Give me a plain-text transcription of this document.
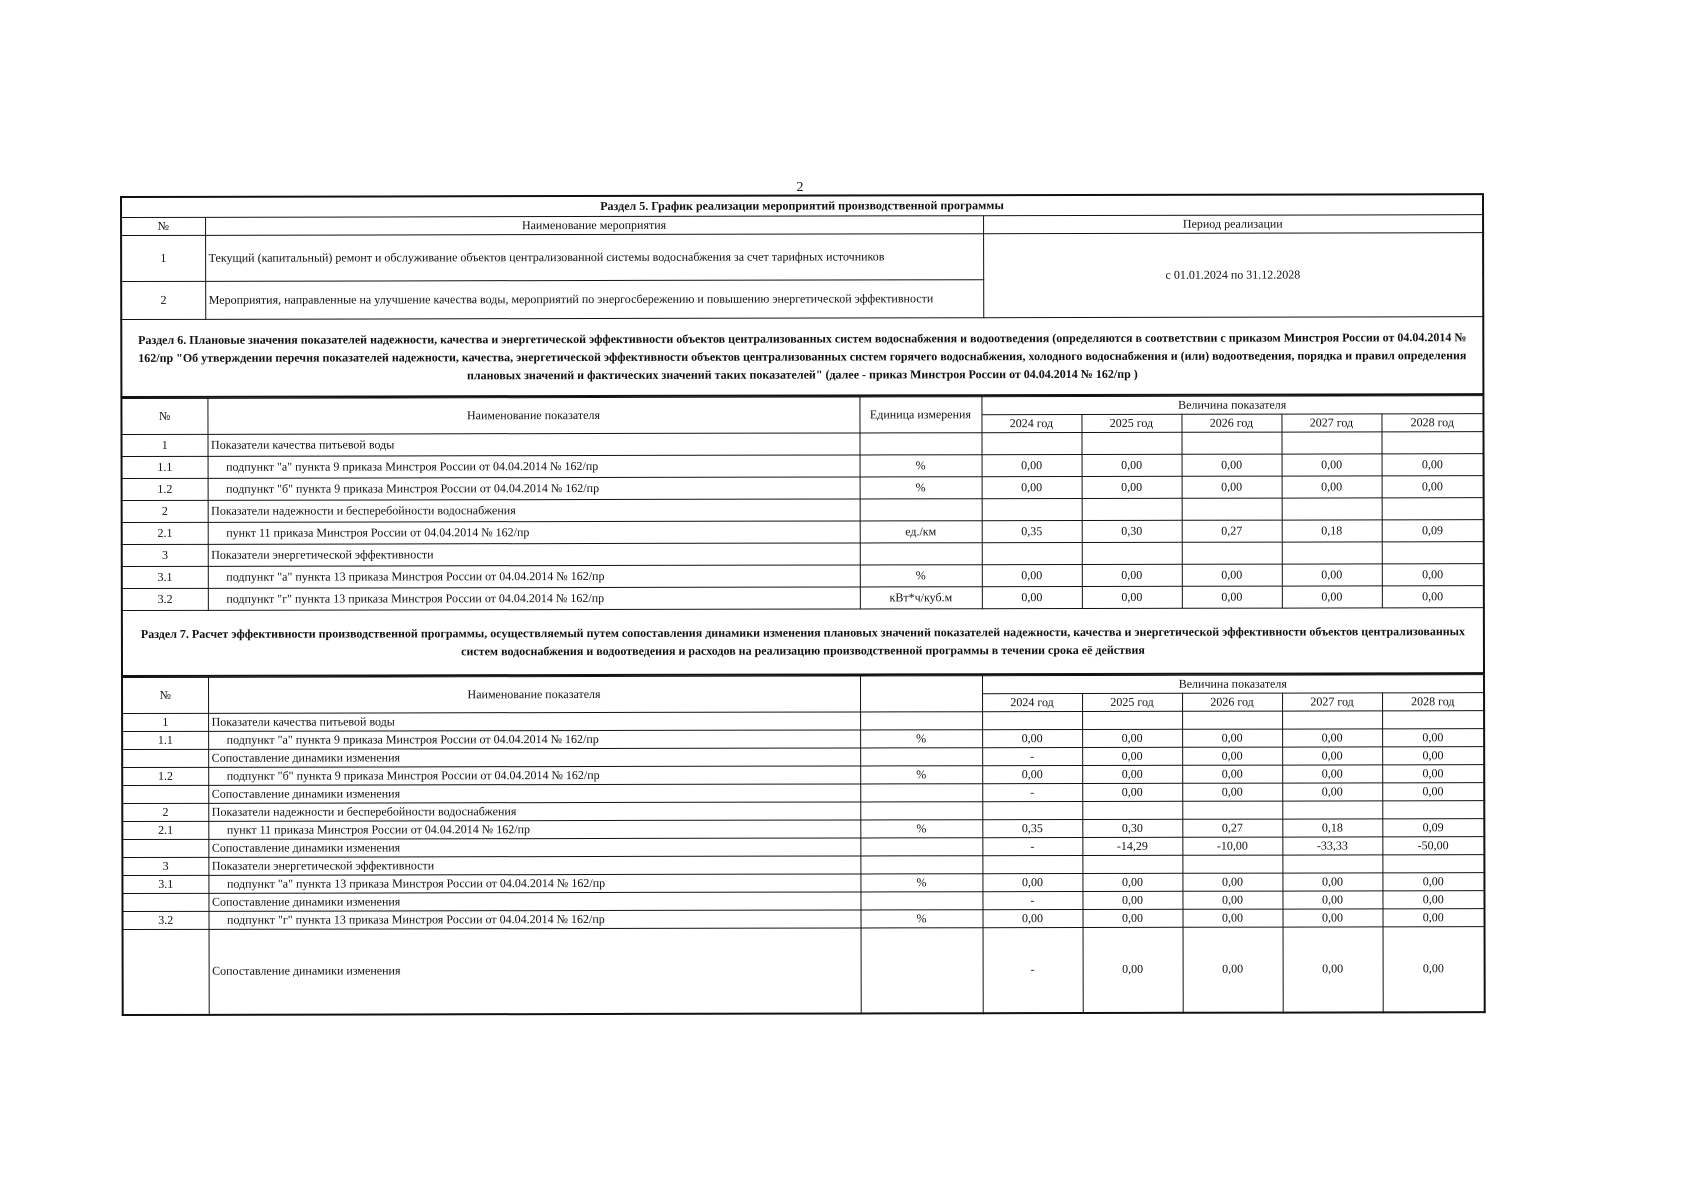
2
Раздел 5. График реализации мероприятий производственной программы		
№	Наименование мероприятия	Период реализации
1	Текущий (капитальный) ремонт и обслуживание объектов централизованной системы водоснабжения за счет тарифных источников	с 01.01.2024 по 31.12.2028
2	Мероприятия, направленные на улучшение качества воды, мероприятий по энергосбережению и повышению энергетической эффективности	
Раздел 6. Плановые значения показателей надежности, качества и энергетической эффективности объектов централизованных систем водоснабжения и водоотведения (определяются в соответствии с приказом Минстроя России от 04.04.2014 № 162/пр "Об утверждении перечня показателей надежности, качества, энергетической эффективности объектов централизованных систем горячего водоснабжения, холодного водоснабжения и (или) водоотведения, порядка и правил определения плановых значений и фактических значений таких показателей" (далее - приказ Минстроя России от 04.04.2014 № 162/пр )		
№	Наименование показателя	Единица измерения	Величина показателя				
			2024 год	2025 год	2026 год	2027 год	2028 год
1	Показатели качества питьевой воды						
1.1	подпункт "а" пункта 9 приказа Минстроя России от 04.04.2014 № 162/пр	%	0,00	0,00	0,00	0,00	0,00
1.2	подпункт "б" пункта 9 приказа Минстроя России от 04.04.2014 № 162/пр	%	0,00	0,00	0,00	0,00	0,00
2	Показатели надежности и бесперебойности водоснабжения						
2.1	пункт 11 приказа Минстроя России от 04.04.2014 № 162/пр	ед./км	0,35	0,30	0,27	0,18	0,09
3	Показатели энергетической эффективности						
3.1	подпункт "а" пункта 13 приказа Минстроя России от 04.04.2014 № 162/пр	%	0,00	0,00	0,00	0,00	0,00
3.2	подпункт "г" пункта 13 приказа Минстроя России от 04.04.2014 № 162/пр	кВт*ч/куб.м	0,00	0,00	0,00	0,00	0,00
Раздел 7. Расчет эффективности производственной программы, осуществляемый путем сопоставления динамики изменения плановых значений показателей надежности, качества и энергетической эффективности объектов централизованных систем водоснабжения и водоотведения и расходов на реализацию производственной программы в течении срока её действия							
№	Наименование показателя		Величина показателя				
			2024 год	2025 год	2026 год	2027 год	2028 год
1	Показатели качества питьевой воды						
1.1	подпункт "а" пункта 9 приказа Минстроя России от 04.04.2014 № 162/пр	%	0,00	0,00	0,00	0,00	0,00
	Сопоставление динамики изменения		-	0,00	0,00	0,00	0,00
1.2	подпункт "б" пункта 9 приказа Минстроя России от 04.04.2014 № 162/пр	%	0,00	0,00	0,00	0,00	0,00
	Сопоставление динамики изменения		-	0,00	0,00	0,00	0,00
2	Показатели надежности и бесперебойности водоснабжения						
2.1	пункт 11 приказа Минстроя России от 04.04.2014 № 162/пр	%	0,35	0,30	0,27	0,18	0,09
	Сопоставление динамики изменения		-	-14,29	-10,00	-33,33	-50,00
3	Показатели энергетической эффективности						
3.1	подпункт "а" пункта 13 приказа Минстроя России от 04.04.2014 № 162/пр	%	0,00	0,00	0,00	0,00	0,00
	Сопоставление динамики изменения		-	0,00	0,00	0,00	0,00
3.2	подпункт "г" пункта 13 приказа Минстроя России от 04.04.2014 № 162/пр	%	0,00	0,00	0,00	0,00	0,00
	Сопоставление динамики изменения		-	0,00	0,00	0,00	0,00
